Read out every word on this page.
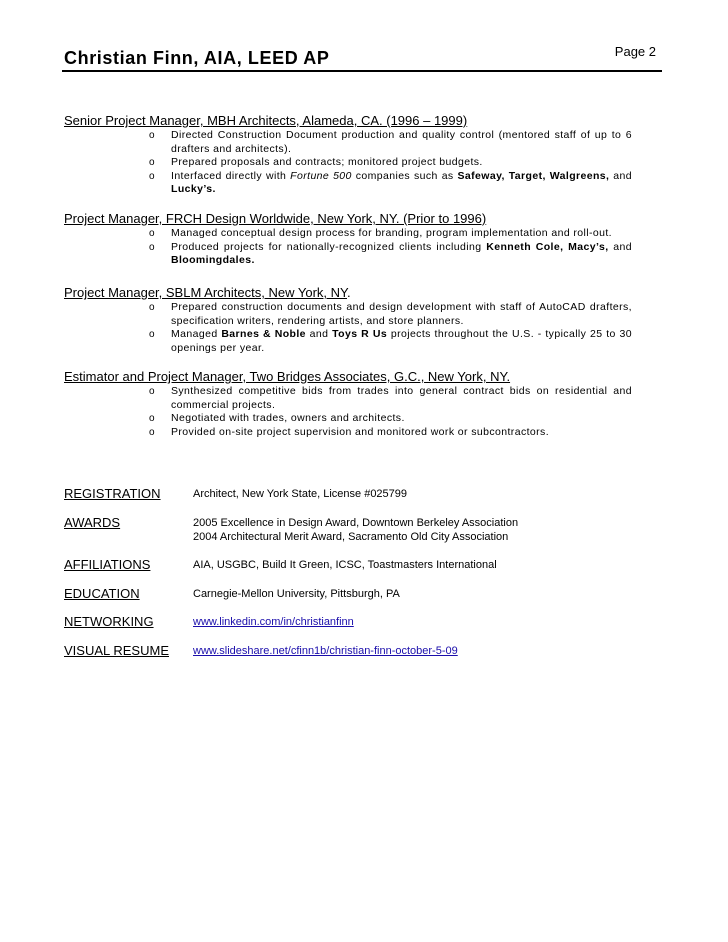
Christian Finn, AIA, LEED AP	Page 2
Senior Project Manager, MBH Architects, Alameda, CA. (1996 – 1999)
o Directed Construction Document production and quality control (mentored staff of up to 6 drafters and architects).
o Prepared proposals and contracts; monitored project budgets.
o Interfaced directly with Fortune 500 companies such as Safeway, Target, Walgreens, and Lucky’s.
Project Manager, FRCH Design Worldwide, New York, NY. (Prior to 1996)
o Managed conceptual design process for branding, program implementation and roll-out.
o Produced projects for nationally-recognized clients including Kenneth Cole, Macy’s, and Bloomingdales.
Project Manager, SBLM Architects, New York, NY.
o Prepared construction documents and design development with staff of AutoCAD drafters, specification writers, rendering artists, and store planners.
o Managed Barnes & Noble and Toys R Us projects throughout the U.S. - typically 25 to 30 openings per year.
Estimator and Project Manager, Two Bridges Associates, G.C., New York, NY.
o Synthesized competitive bids from trades into general contract bids on residential and commercial projects.
o Negotiated with trades, owners and architects.
o Provided on-site project supervision and monitored work or subcontractors.
REGISTRATION	Architect, New York State, License #025799
AWARDS	2005 Excellence in Design Award, Downtown Berkeley Association
2004 Architectural Merit Award, Sacramento Old City Association
AFFILIATIONS	AIA, USGBC, Build It Green, ICSC, Toastmasters International
EDUCATION	Carnegie-Mellon University, Pittsburgh, PA
NETWORKING	www.linkedin.com/in/christianfinn
VISUAL RESUME www.slideshare.net/cfinn1b/christian-finn-october-5-09
